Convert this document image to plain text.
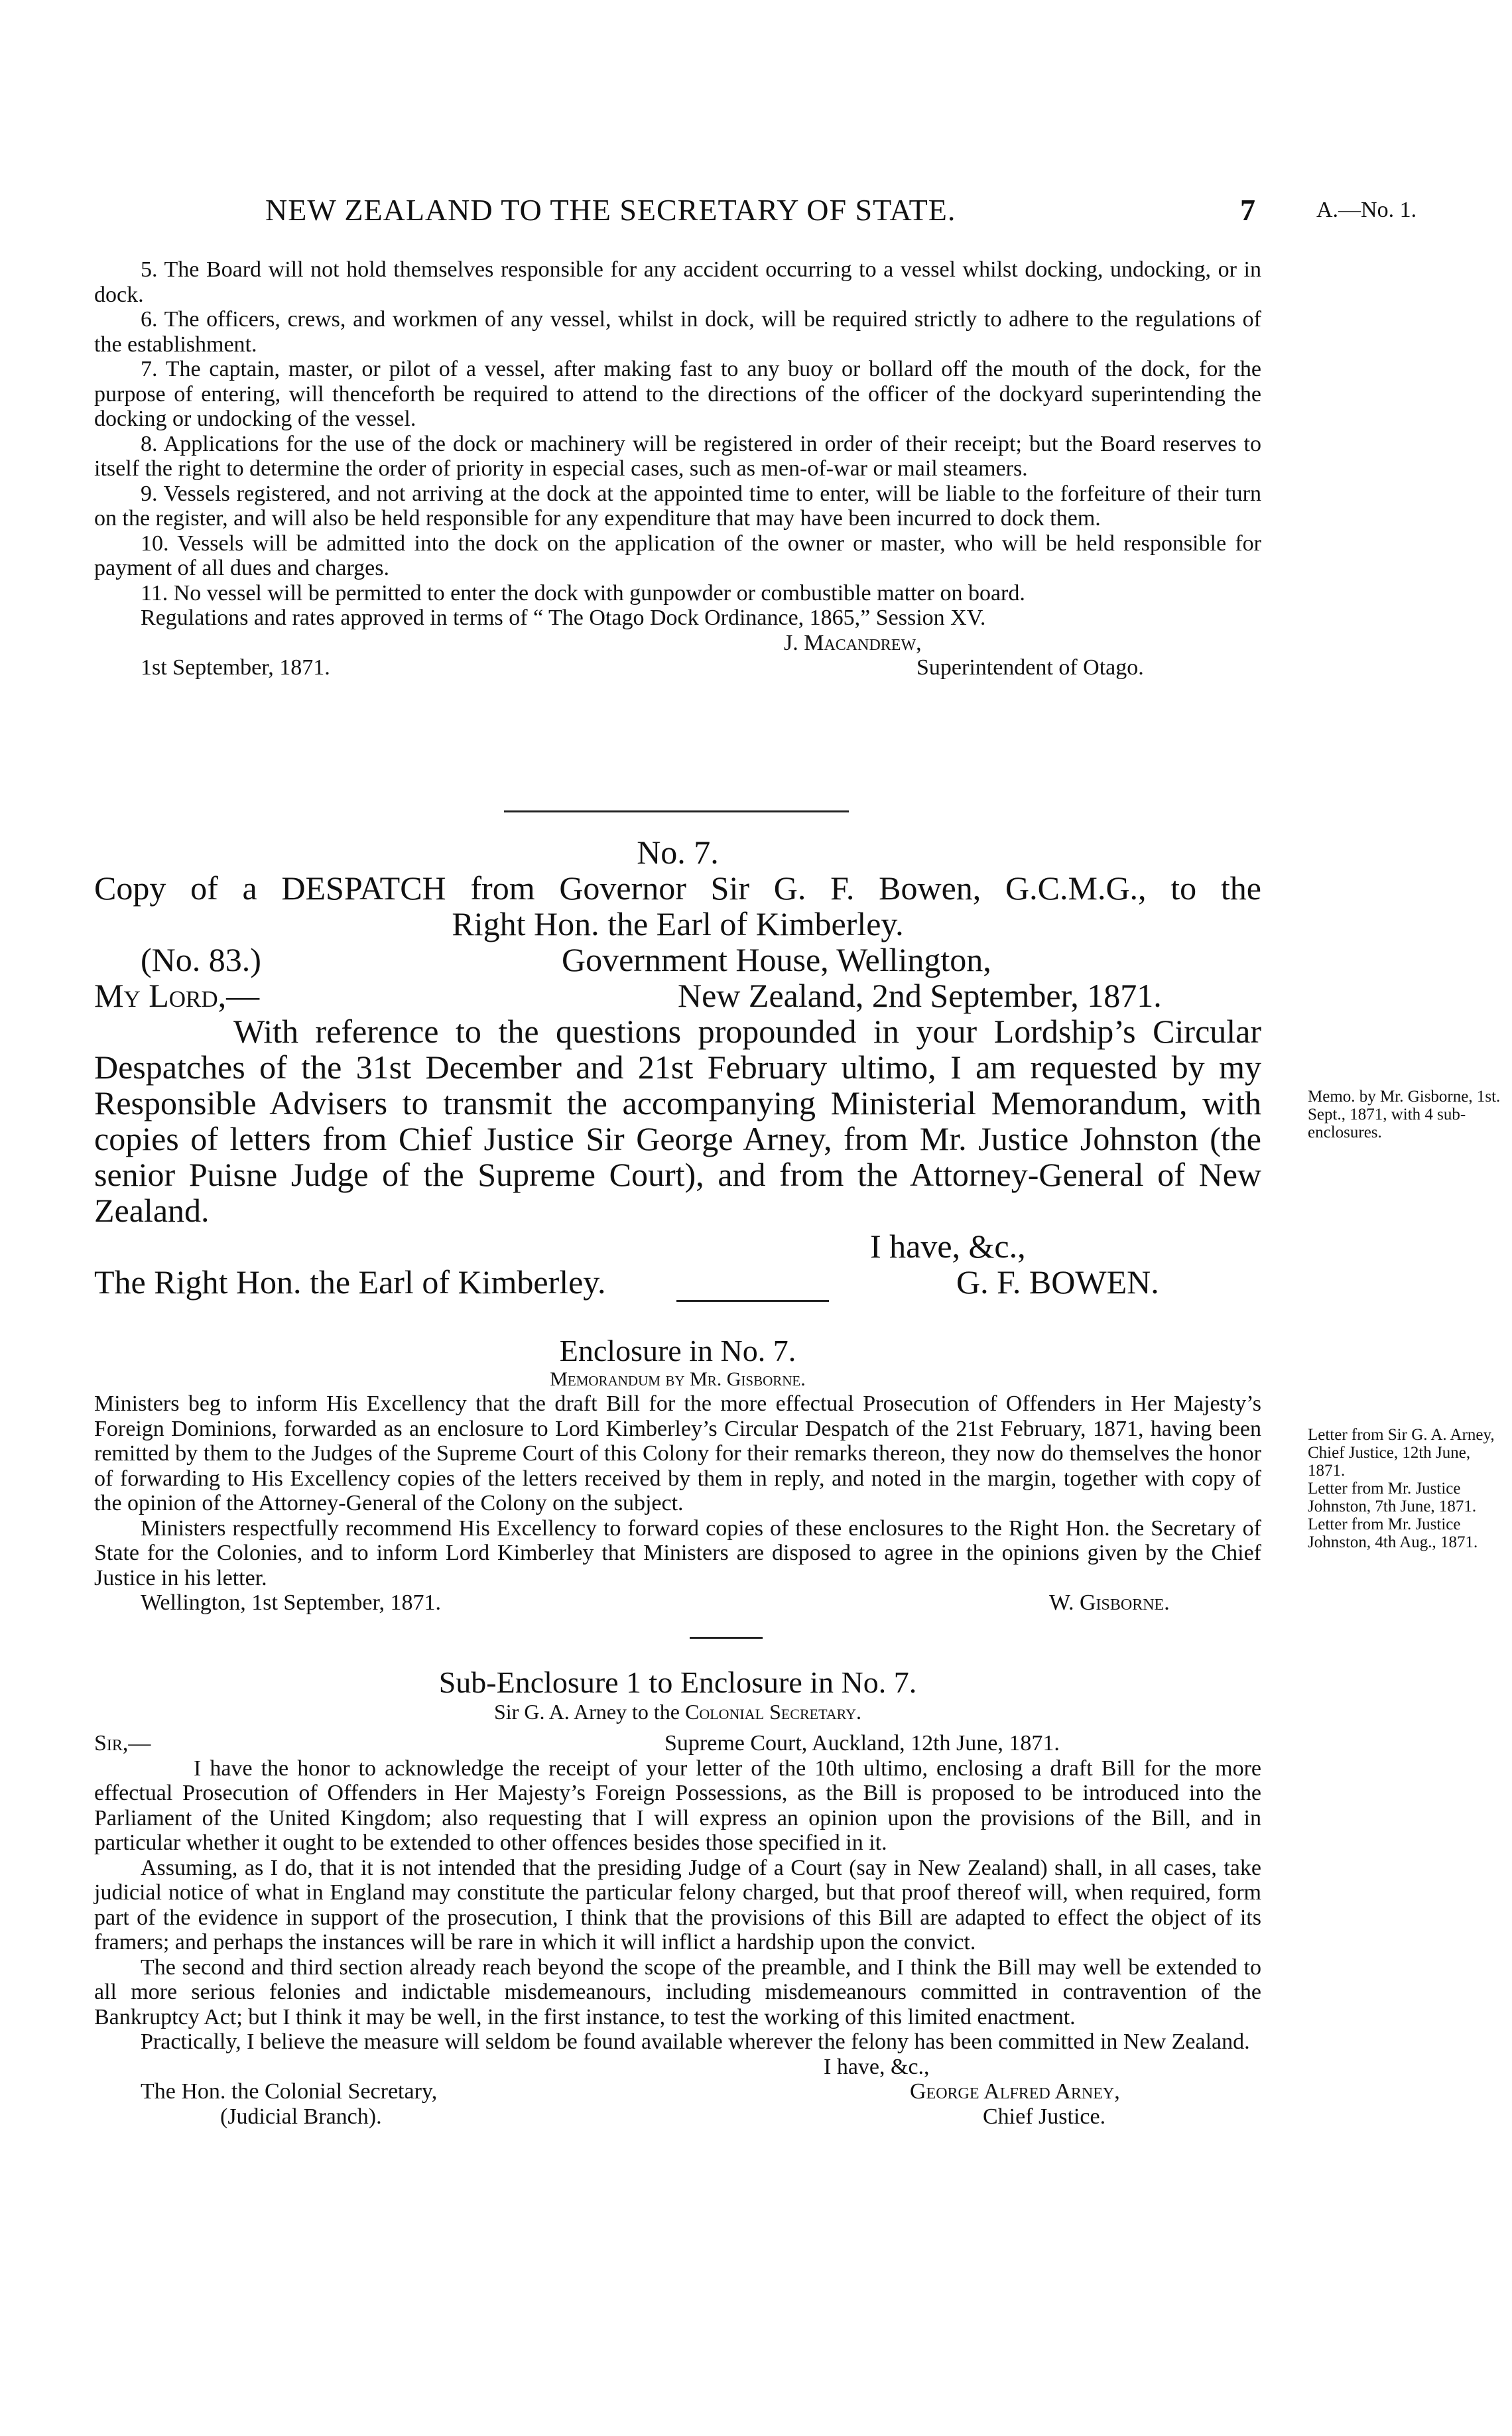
NEW ZEALAND TO THE SECRETARY OF STATE.	7	A.—No. 1.

5. The Board will not hold themselves responsible for any accident occurring to a vessel whilst docking, undocking, or in dock.

6. The officers, crews, and workmen of any vessel, whilst in dock, will be required strictly to adhere to the regulations of the establishment.

7. The captain, master, or pilot of a vessel, after making fast to any buoy or bollard off the mouth of the dock, for the purpose of entering, will thenceforth be required to attend to the directions of the officer of the dockyard superintending the docking or undocking of the vessel.

8. Applications for the use of the dock or machinery will be registered in order of their receipt; but the Board reserves to itself the right to determine the order of priority in especial cases, such as men-of-war or mail steamers.

9. Vessels registered, and not arriving at the dock at the appointed time to enter, will be liable to the forfeiture of their turn on the register, and will also be held responsible for any expenditure that may have been incurred to dock them.

10. Vessels will be admitted into the dock on the application of the owner or master, who will be held responsible for payment of all dues and charges.

11. No vessel will be permitted to enter the dock with gunpowder or combustible matter on board.

Regulations and rates approved in terms of “ The Otago Dock Ordinance, 1865,” Session XV.

J. Macandrew,
1st September, 1871.	Superintendent of Otago.
No. 7.
Copy of a DESPATCH from Governor Sir G. F. Bowen, G.C.M.G., to the
Right Hon. the Earl of Kimberley.
(No. 83.)	Government House, Wellington,
My Lord,—	New Zealand, 2nd September, 1871.

With reference to the questions propounded in your Lordship’s Circular Despatches of the 31st December and 21st February ultimo, I am requested by my Responsible Advisers to transmit the accompanying Ministerial Memorandum, with copies of letters from Chief Justice Sir George Arney, from Mr. Justice Johnston (the senior Puisne Judge of the Supreme Court), and from the Attorney-General of New Zealand.

I have, &c.,
The Right Hon. the Earl of Kimberley.	G. F. BOWEN.
Memo. by Mr. Gisborne, 1st. Sept., 1871, with 4 sub-enclosures.
Enclosure in No. 7.
Memorandum by Mr. Gisborne.

Ministers beg to inform His Excellency that the draft Bill for the more effectual Prosecution of Offenders in Her Majesty’s Foreign Dominions, forwarded as an enclosure to Lord Kimberley’s Circular Despatch of the 21st February, 1871, having been remitted by them to the Judges of the Supreme Court of this Colony for their remarks thereon, they now do themselves the honor of forwarding to His Excellency copies of the letters received by them in reply, and noted in the margin, together with copy of the opinion of the Attorney-General of the Colony on the subject.

Ministers respectfully recommend His Excellency to forward copies of these enclosures to the Right Hon. the Secretary of State for the Colonies, and to inform Lord Kimberley that Ministers are disposed to agree in the opinions given by the Chief Justice in his letter.

Wellington, 1st September, 1871.	W. Gisborne.
Letter from Sir G. A. Arney, Chief Justice, 12th June, 1871.
Letter from Mr. Justice Johnston, 7th June, 1871.
Letter from Mr. Justice Johnston, 4th Aug., 1871.
Sub-Enclosure 1 to Enclosure in No. 7.
Sir G. A. Arney to the Colonial Secretary.
Sir,—	Supreme Court, Auckland, 12th June, 1871.

I have the honor to acknowledge the receipt of your letter of the 10th ultimo, enclosing a draft Bill for the more effectual Prosecution of Offenders in Her Majesty’s Foreign Possessions, as the Bill is proposed to be introduced into the Parliament of the United Kingdom; also requesting that I will express an opinion upon the provisions of the Bill, and in particular whether it ought to be extended to other offences besides those specified in it.

Assuming, as I do, that it is not intended that the presiding Judge of a Court (say in New Zealand) shall, in all cases, take judicial notice of what in England may constitute the particular felony charged, but that proof thereof will, when required, form part of the evidence in support of the prosecution, I think that the provisions of this Bill are adapted to effect the object of its framers; and perhaps the instances will be rare in which it will inflict a hardship upon the convict.

The second and third section already reach beyond the scope of the preamble, and I think the Bill may well be extended to all more serious felonies and indictable misdemeanours, including misdemeanours committed in contravention of the Bankruptcy Act; but I think it may be well, in the first instance, to test the working of this limited enactment.

Practically, I believe the measure will seldom be found available wherever the felony has been committed in New Zealand.

I have, &c.,
The Hon. the Colonial Secretary,	George Alfred Arney,
(Judicial Branch).	Chief Justice.
